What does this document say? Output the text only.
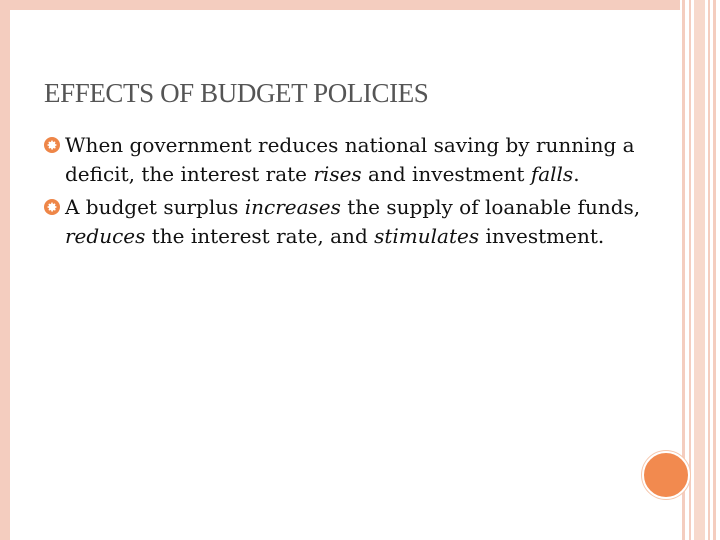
EFFECTS OF BUDGET POLICIES
When government reduces national saving by running a deficit, the interest rate rises and investment falls.
A budget surplus increases the supply of loanable funds, reduces the interest rate, and stimulates investment.
